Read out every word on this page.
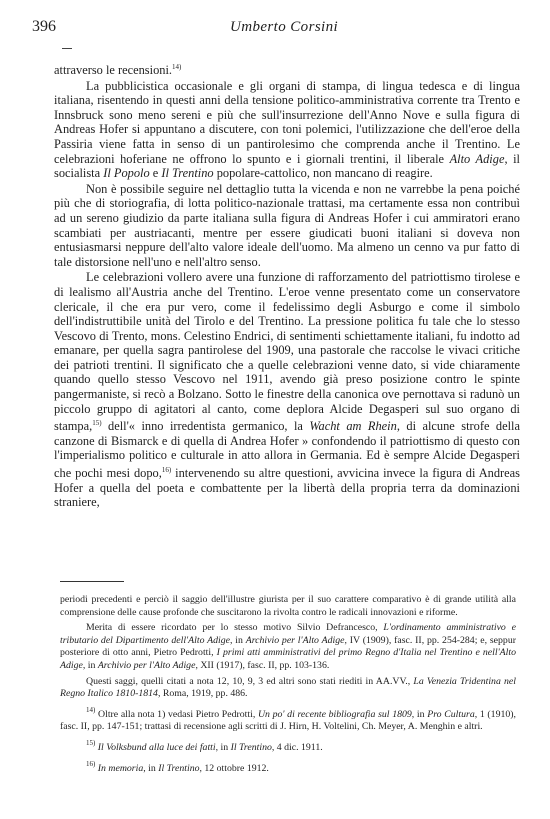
396	Umberto Corsini

attraverso le recensioni.$^{14)}$

La pubblicistica occasionale e gli organi di stampa, di lingua tedesca e di lingua italiana, risentendo in questi anni della tensione politico-amministrativa corrente tra Trento e Innsbruck sono meno sereni e più che sull'insurrezione dell'Anno Nove e sulla figura di Andreas Hofer si appuntano a discutere, con toni polemici, l'utilizzazione che dell'eroe della Passiria viene fatta in senso di un pantirolesimo che comprenda anche il Trentino. Le celebrazioni hoferiane ne offrono lo spunto e i giornali trentini, il liberale Alto Adige, il socialista Il Popolo e Il Trentino popolare-cattolico, non mancano di reagire.

Non è possibile seguire nel dettaglio tutta la vicenda e non ne varrebbe la pena poiché più che di storiografia, di lotta politico-nazionale trattasi, ma certamente essa non contribuì ad un sereno giudizio da parte italiana sulla figura di Andreas Hofer i cui ammiratori erano scambiati per austriacanti, mentre per essere giudicati buoni italiani si doveva non entusiasmarsi neppure dell'alto valore ideale dell'uomo. Ma almeno un cenno va pur fatto di tale distorsione nell'uno e nell'altro senso.

Le celebrazioni vollero avere una funzione di rafforzamento del patriottismo tirolese e di lealismo all'Austria anche del Trentino. L'eroe venne presentato come un conservatore clericale, il che era pur vero, come il fedelissimo degli Asburgo e come il simbolo dell'indistruttibile unità del Tirolo e del Trentino. La pressione politica fu tale che lo stesso Vescovo di Trento, mons. Celestino Endrici, di sentimenti schiettamente italiani, fu indotto ad emanare, per quella sagra pantirolese del 1909, una pastorale che raccolse le vivaci critiche dei patrioti trentini. Il significato che a quelle celebrazioni venne dato, si vide chiaramente quando quello stesso Vescovo nel 1911, avendo già preso posizione contro le spinte pangermaniste, si recò a Bolzano. Sotto le finestre della canonica ove pernottava si radunò un piccolo gruppo di agitatori al canto, come deplora Alcide Degasperi sul suo organo di stampa,$^{15)}$ dell'« inno irredentista germanico, la Wacht am Rhein, di alcune strofe della canzone di Bismarck e di quella di Andrea Hofer » confondendo il patriottismo di questo con l'imperialismo politico e culturale in atto allora in Germania. Ed è sempre Alcide Degasperi che pochi mesi dopo,$^{16)}$ intervenendo su altre questioni, avvicina invece la figura di Andreas Hofer a quella del poeta e combattente per la libertà della propria terra da dominazioni straniere,

periodi precedenti e perciò il saggio dell'illustre giurista per il suo carattere comparativo è di grande utilità alla comprensione delle cause profonde che suscitarono la rivolta contro le radicali innovazioni e riforme.

Merita di essere ricordato per lo stesso motivo Silvio Defrancesco, L'ordinamento amministrativo e tributario del Dipartimento dell'Alto Adige, in Archivio per l'Alto Adige, IV (1909), fasc. II, pp. 254-284; e, seppur posteriore di otto anni, Pietro Pedrotti, I primi atti amministrativi del primo Regno d'Italia nel Trentino e nell'Alto Adige, in Archivio per l'Alto Adige, XII (1917), fasc. II, pp. 103-136.

Questi saggi, quelli citati a nota 12, 10, 9, 3 ed altri sono stati riediti in AA.VV., La Venezia Tridentina nel Regno Italico 1810-1814, Roma, 1919, pp. 486.

$^{14)}$ Oltre alla nota 1) vedasi Pietro Pedrotti, Un po' di recente bibliografia sul 1809, in Pro Cultura, 1 (1910), fasc. II, pp. 147-151; trattasi di recensione agli scritti di J. Hirn, H. Voltelini, Ch. Meyer, A. Menghin e altri.

$^{15)}$ Il Volksbund alla luce dei fatti, in Il Trentino, 4 dic. 1911.

$^{16)}$ In memoria, in Il Trentino, 12 ottobre 1912.
